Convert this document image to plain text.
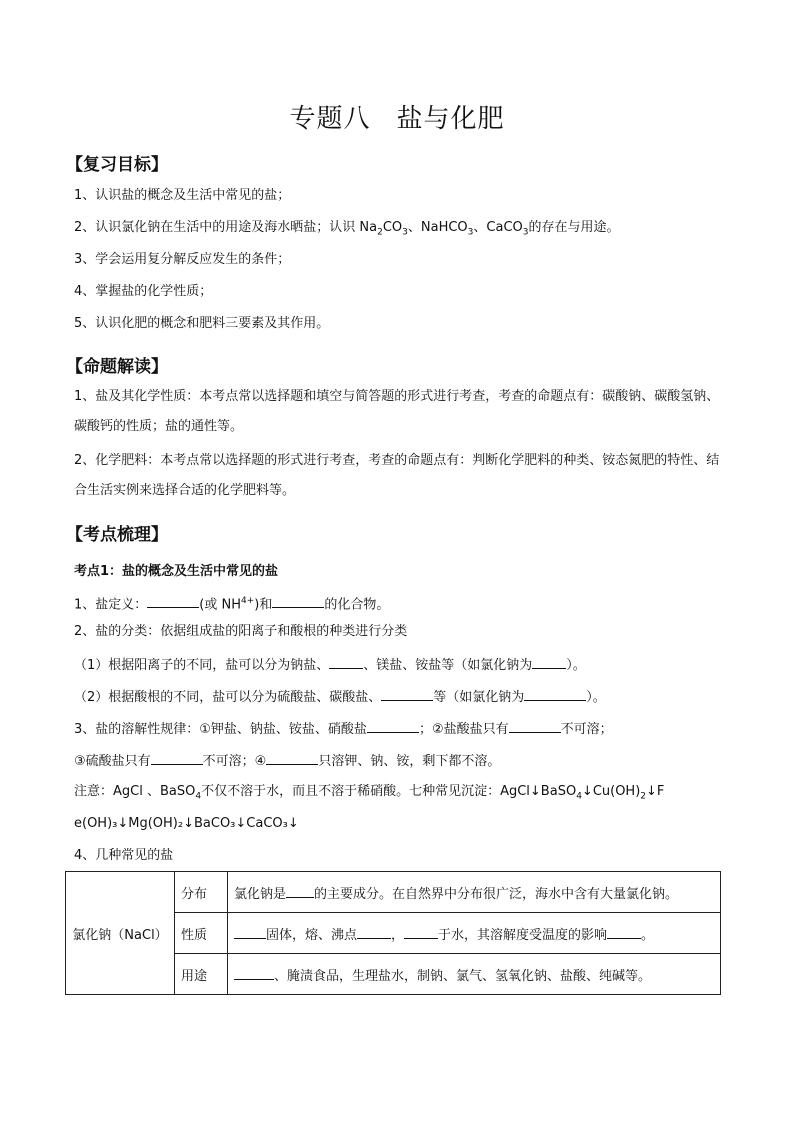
专题八 盐与化肥
【复习目标】
1、认识盐的概念及生活中常见的盐；
2、认识氯化钠在生活中的用途及海水晒盐；认识 $Na_2CO_3$、NaHCO$_3$、CaCO$_3$的存在与用途。
3、学会运用复分解反应发生的条件；
4、掌握盐的化学性质；
5、认识化肥的概念和肥料三要素及其作用。
【命题解读】
1、盐及其化学性质：本考点常以选择题和填空与简答题的形式进行考查，考查的命题点有：碳酸钠、碳酸氢钠、碳酸钙的性质；盐的通性等。
2、化学肥料：本考点常以选择题的形式进行考查，考查的命题点有：判断化学肥料的种类、铵态氮肥的特性、结合生活实例来选择合适的化学肥料等。
【考点梳理】
考点1：盐的概念及生活中常见的盐
1、盐定义：	(或 $NH^{4+}$)和	的化合物。
2、盐的分类：依据组成盐的阳离子和酸根的种类进行分类
（1）根据阳离子的不同，盐可以分为钠盐、	、镁盐、铵盐等（如氯化钠为	）。
（2）根据酸根的不同，盐可以分为硫酸盐、碳酸盐、	等（如氯化钠为	）。
3、盐的溶解性规律：①钾盐、钠盐、铵盐、硝酸盐	；②盐酸盐只有	不可溶；
③硫酸盐只有	不可溶；④	只溶钾、钠、铵，剩下都不溶。
注意：AgCl 、BaSO$_4$不仅不溶于水，而且不溶于稀硝酸。七种常见沉淀：$AgCl↓BaSO_4↓Cu(OH)_2↓F$
e(OH)₃↓Mg(OH)₂↓BaCO₃↓CaCO₃↓
4、几种常见的盐
氯化钠（NaCl）	分布	氯化钠是 的主要成分。在自然界中分布很广泛，海水中含有大量氯化钠。
	性质	固体，熔、沸点 ， 于水，其溶解度受温度的影响 。
	用途	、腌渍食品，生理盐水，制钠、氯气、氢氧化钠、盐酸、纯碱等。
